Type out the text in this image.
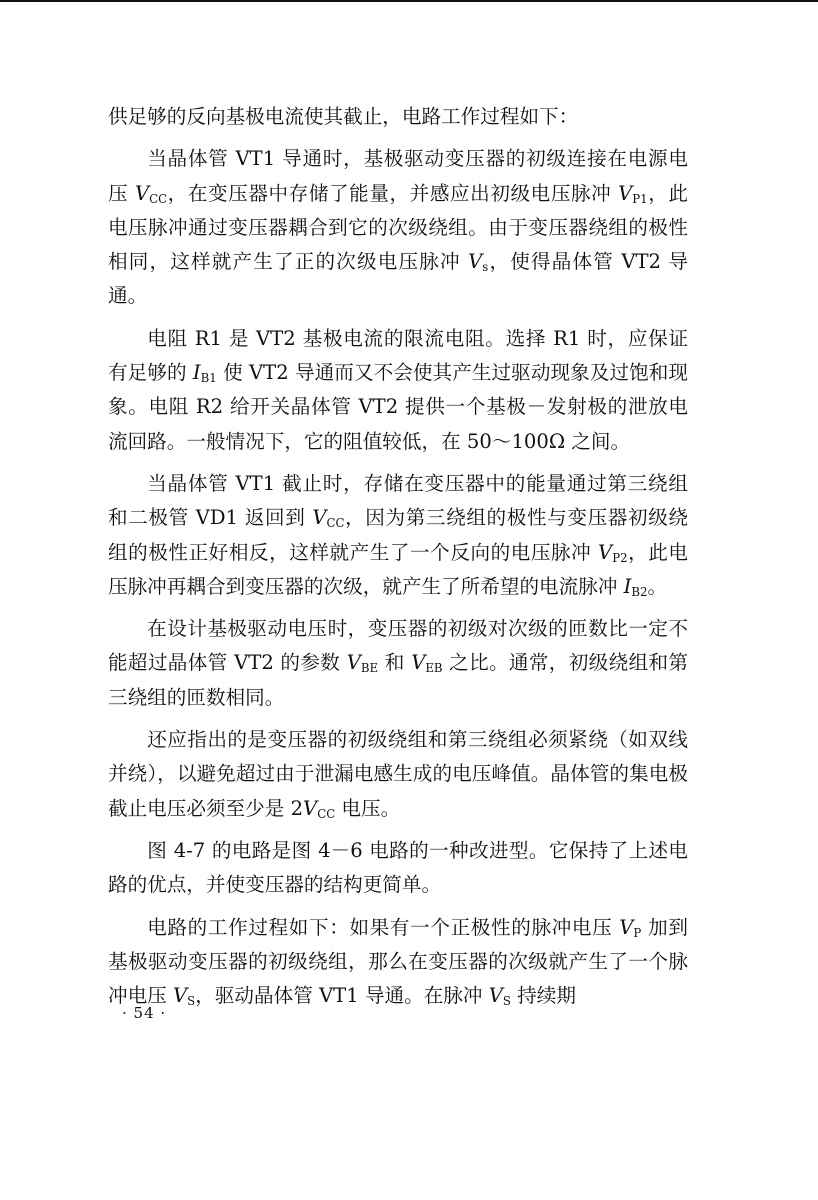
供足够的反向基极电流使其截止，电路工作过程如下：

当晶体管 VT1 导通时，基极驱动变压器的初级连接在电源电压 $V_{CC}$，在变压器中存储了能量，并感应出初级电压脉冲 $V_{P1}$，此电压脉冲通过变压器耦合到它的次级绕组。由于变压器绕组的极性相同，这样就产生了正的次级电压脉冲 $V_s$，使得晶体管 VT2 导通。

电阻 R1 是 VT2 基极电流的限流电阻。选择 R1 时，应保证有足够的 $I_{B1}$ 使 VT2 导通而又不会使其产生过驱动现象及过饱和现象。电阻 R2 给开关晶体管 VT2 提供一个基极－发射极的泄放电流回路。一般情况下，它的阻值较低，在 50～100Ω 之间。

当晶体管 VT1 截止时，存储在变压器中的能量通过第三绕组和二极管 VD1 返回到 $V_{CC}$，因为第三绕组的极性与变压器初级绕组的极性正好相反，这样就产生了一个反向的电压脉冲 $V_{P2}$，此电压脉冲再耦合到变压器的次级，就产生了所希望的电流脉冲 $I_{B2}$。

在设计基极驱动电压时，变压器的初级对次级的匝数比一定不能超过晶体管 VT2 的参数 $V_{BE}$ 和 $V_{EB}$ 之比。通常，初级绕组和第三绕组的匝数相同。

还应指出的是变压器的初级绕组和第三绕组必须紧绕（如双线并绕），以避免超过由于泄漏电感生成的电压峰值。晶体管的集电极截止电压必须至少是 $2V_{CC}$ 电压。

图 4-7 的电路是图 4－6 电路的一种改进型。它保持了上述电路的优点，并使变压器的结构更简单。

电路的工作过程如下：如果有一个正极性的脉冲电压 $V_P$ 加到基极驱动变压器的初级绕组，那么在变压器的次级就产生了一个脉冲电压 $V_S$，驱动晶体管 VT1 导通。在脉冲 $V_S$ 持续期

· 54 ·
